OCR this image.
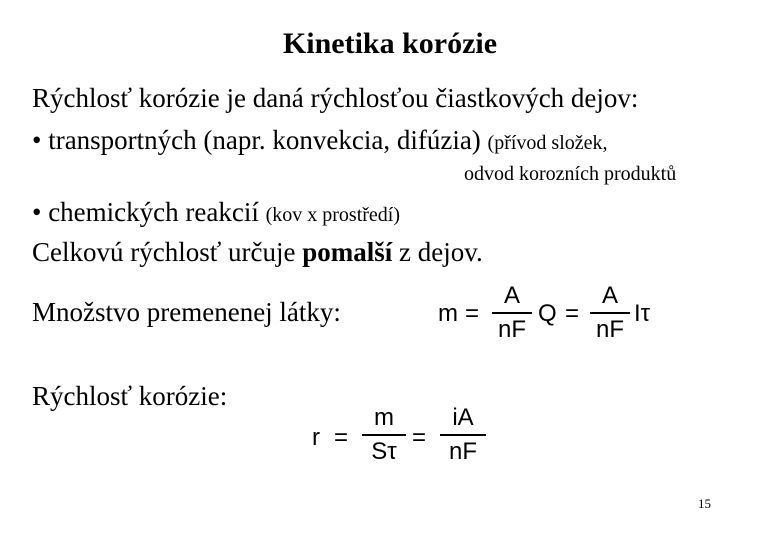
Kinetika korózie
Rýchlosť korózie je daná rýchlosťou čiastkových dejov:
• transportných (napr. konvekcia, difúzia) (přívod složek,
odvod korozních produktů
• chemických reakcií (kov x prostředí)
Celkovú rýchlosť určuje pomalší z dejov.
Množstvo premenenej látky:	m =
A
nF
Q =
A
nF
Iτ
Rýchlosť korózie:
r =
m
Sτ
=
iA
nF
15
